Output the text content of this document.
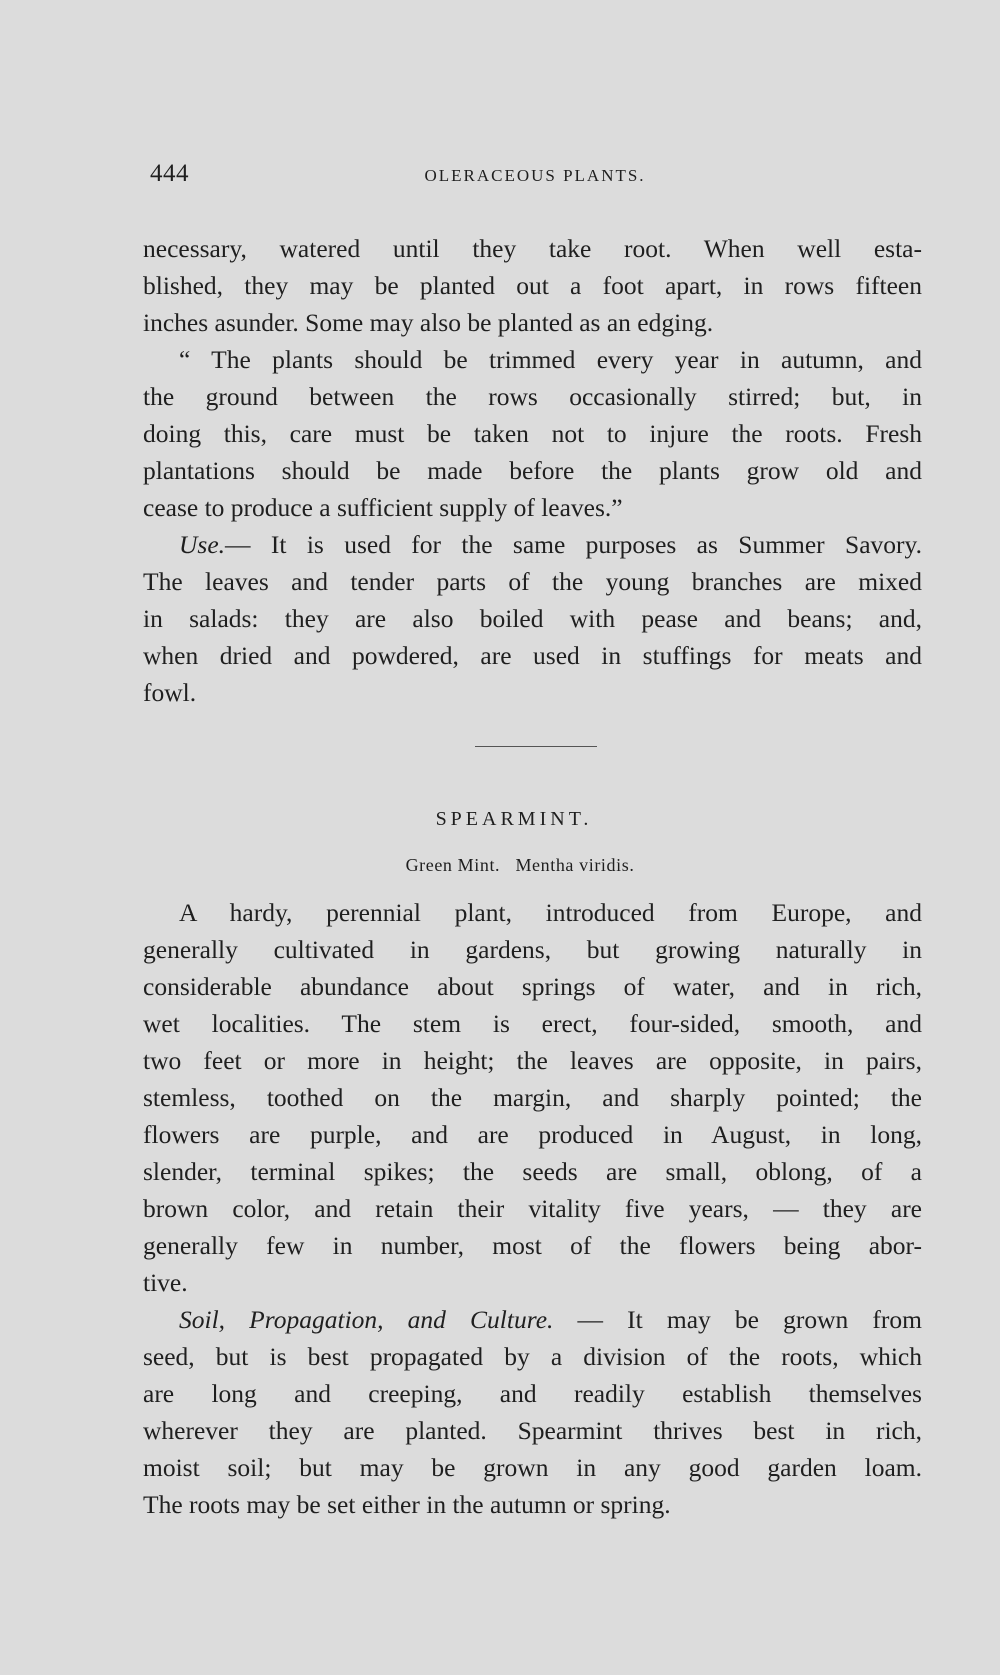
444	OLERACEOUS PLANTS.

necessary, watered until they take root. When well esta-
blished, they may be planted out a foot apart, in rows fifteen
inches asunder. Some may also be planted as an edging.

“ The plants should be trimmed every year in autumn, and
the ground between the rows occasionally stirred; but, in
doing this, care must be taken not to injure the roots. Fresh
plantations should be made before the plants grow old and
cease to produce a sufficient supply of leaves.”

Use.— It is used for the same purposes as Summer Savory.
The leaves and tender parts of the young branches are mixed
in salads: they are also boiled with pease and beans; and,
when dried and powdered, are used in stuffings for meats and
fowl.

SPEARMINT.
Green Mint.   Mentha viridis.

A hardy, perennial plant, introduced from Europe, and
generally cultivated in gardens, but growing naturally in
considerable abundance about springs of water, and in rich,
wet localities. The stem is erect, four-sided, smooth, and
two feet or more in height; the leaves are opposite, in pairs,
stemless, toothed on the margin, and sharply pointed; the
flowers are purple, and are produced in August, in long,
slender, terminal spikes; the seeds are small, oblong, of a
brown color, and retain their vitality five years, — they are
generally few in number, most of the flowers being abor-
tive.

Soil, Propagation, and Culture. — It may be grown from
seed, but is best propagated by a division of the roots, which
are long and creeping, and readily establish themselves
wherever they are planted. Spearmint thrives best in rich,
moist soil; but may be grown in any good garden loam.
The roots may be set either in the autumn or spring.
